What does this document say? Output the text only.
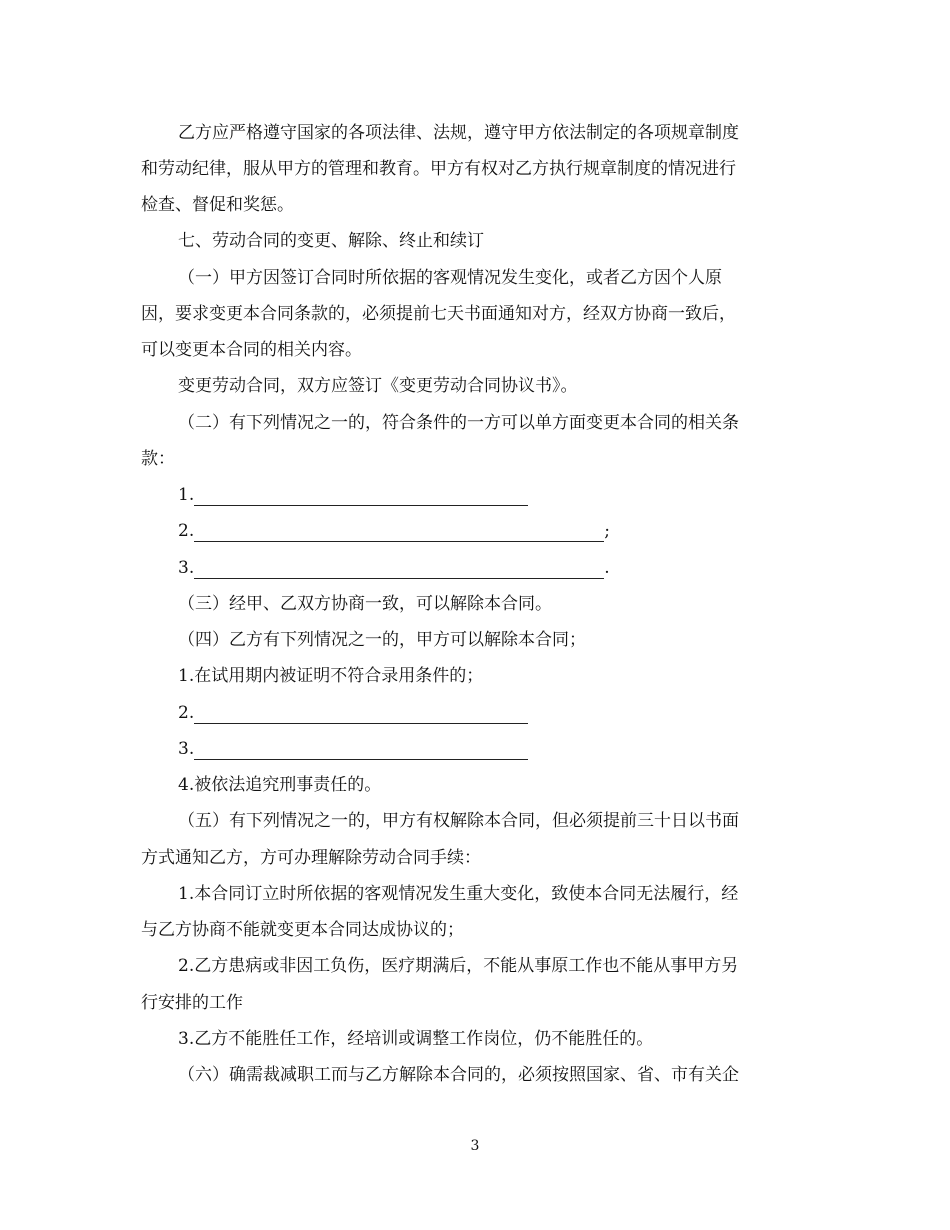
乙方应严格遵守国家的各项法律、法规，遵守甲方依法制定的各项规章制度

和劳动纪律，服从甲方的管理和教育。甲方有权对乙方执行规章制度的情况进行

检查、督促和奖惩。

七、劳动合同的变更、解除、终止和续订

（一）甲方因签订合同时所依据的客观情况发生变化，或者乙方因个人原

因，要求变更本合同条款的，必须提前七天书面通知对方，经双方协商一致后，

可以变更本合同的相关内容。

变更劳动合同，双方应签订《变更劳动合同协议书》。

（二）有下列情况之一的，符合条件的一方可以单方面变更本合同的相关条

款：

1.
2.	;
3.	.

（三）经甲、乙双方协商一致，可以解除本合同。

（四）乙方有下列情况之一的，甲方可以解除本合同；

1.在试用期内被证明不符合录用条件的；

2.
3.

4.被依法追究刑事责任的。

（五）有下列情况之一的，甲方有权解除本合同，但必须提前三十日以书面

方式通知乙方，方可办理解除劳动合同手续：

1.本合同订立时所依据的客观情况发生重大变化，致使本合同无法履行，经

与乙方协商不能就变更本合同达成协议的；

2.乙方患病或非因工负伤，医疗期满后，不能从事原工作也不能从事甲方另

行安排的工作

3.乙方不能胜任工作，经培训或调整工作岗位，仍不能胜任的。

（六）确需裁减职工而与乙方解除本合同的，必须按照国家、省、市有关企

3
